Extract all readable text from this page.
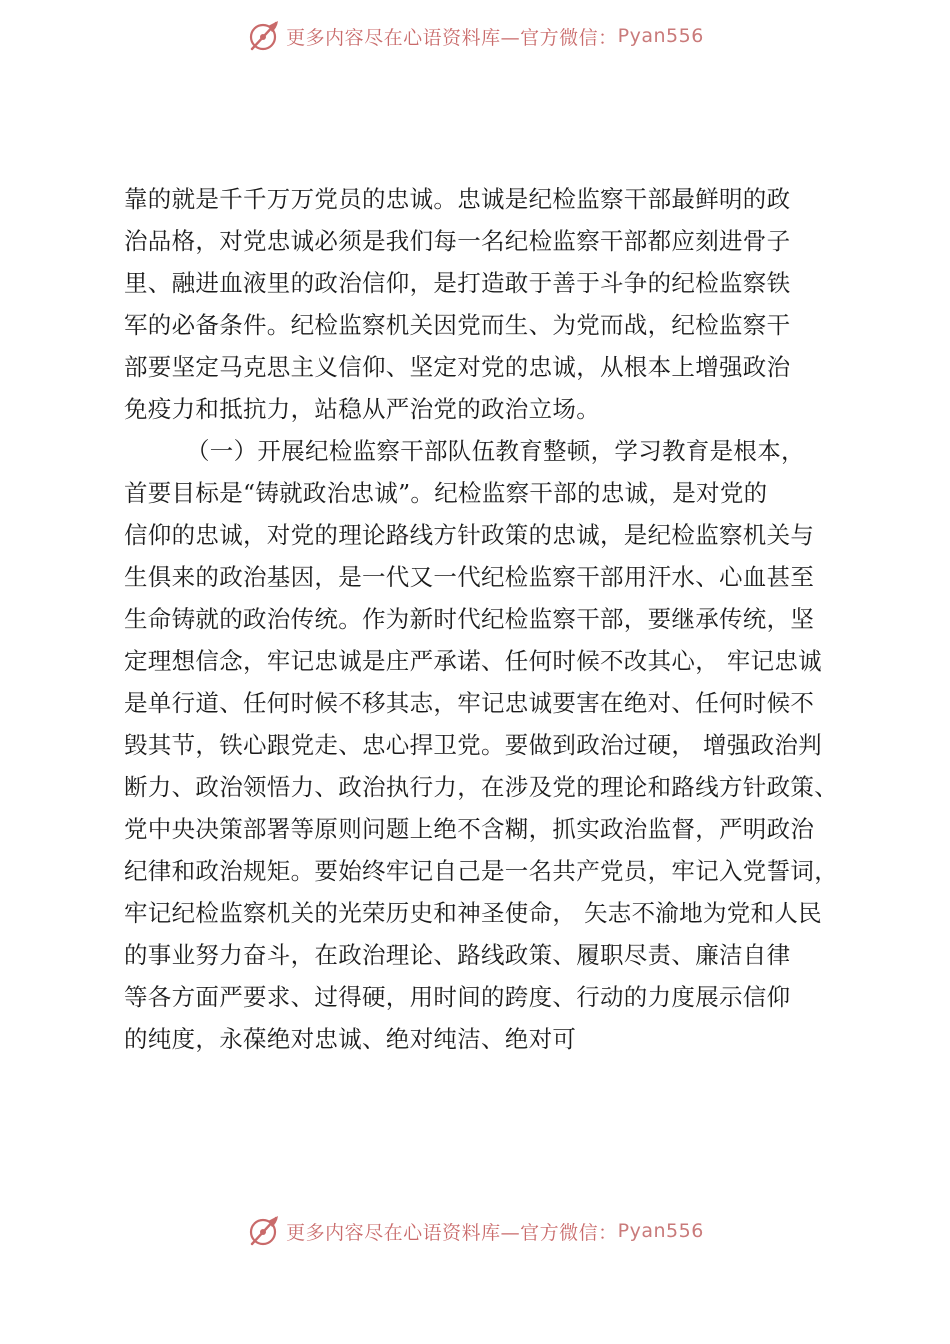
更多内容尽在心语资料库—官方微信： Pyan556
靠的就是千千万万党员的忠诚。忠诚是纪检监察干部最鲜明的政
治品格，对党忠诚必须是我们每一名纪检监察干部都应刻进骨子
里、融进血液里的政治信仰，是打造敢于善于斗争的纪检监察铁
军的必备条件。纪检监察机关因党而生、为党而战，纪检监察干
部要坚定马克思主义信仰、坚定对党的忠诚，从根本上增强政治
免疫力和抵抗力，站稳从严治党的政治立场。
（一）开展纪检监察干部队伍教育整顿，学习教育是根本，
首要目标是“铸就政治忠诚”。纪检监察干部的忠诚，是对党的
信仰的忠诚，对党的理论路线方针政策的忠诚，是纪检监察机关与
生俱来的政治基因，是一代又一代纪检监察干部用汗水、心血甚至
生命铸就的政治传统。作为新时代纪检监察干部，要继承传统，坚
定理想信念，牢记忠诚是庄严承诺、任何时候不改其心， 牢记忠诚
是单行道、任何时候不移其志，牢记忠诚要害在绝对、任何时候不
毁其节，铁心跟党走、忠心捍卫党。要做到政治过硬， 增强政治判
断力、政治领悟力、政治执行力，在涉及党的理论和路线方针政策、
党中央决策部署等原则问题上绝不含糊，抓实政治监督，严明政治
纪律和政治规矩。要始终牢记自己是一名共产党员，牢记入党誓词，
牢记纪检监察机关的光荣历史和神圣使命， 矢志不渝地为党和人民
的事业努力奋斗，在政治理论、路线政策、履职尽责、廉洁自律
等各方面严要求、过得硬，用时间的跨度、行动的力度展示信仰
的纯度，永葆绝对忠诚、绝对纯洁、绝对可
更多内容尽在心语资料库—官方微信： Pyan556
